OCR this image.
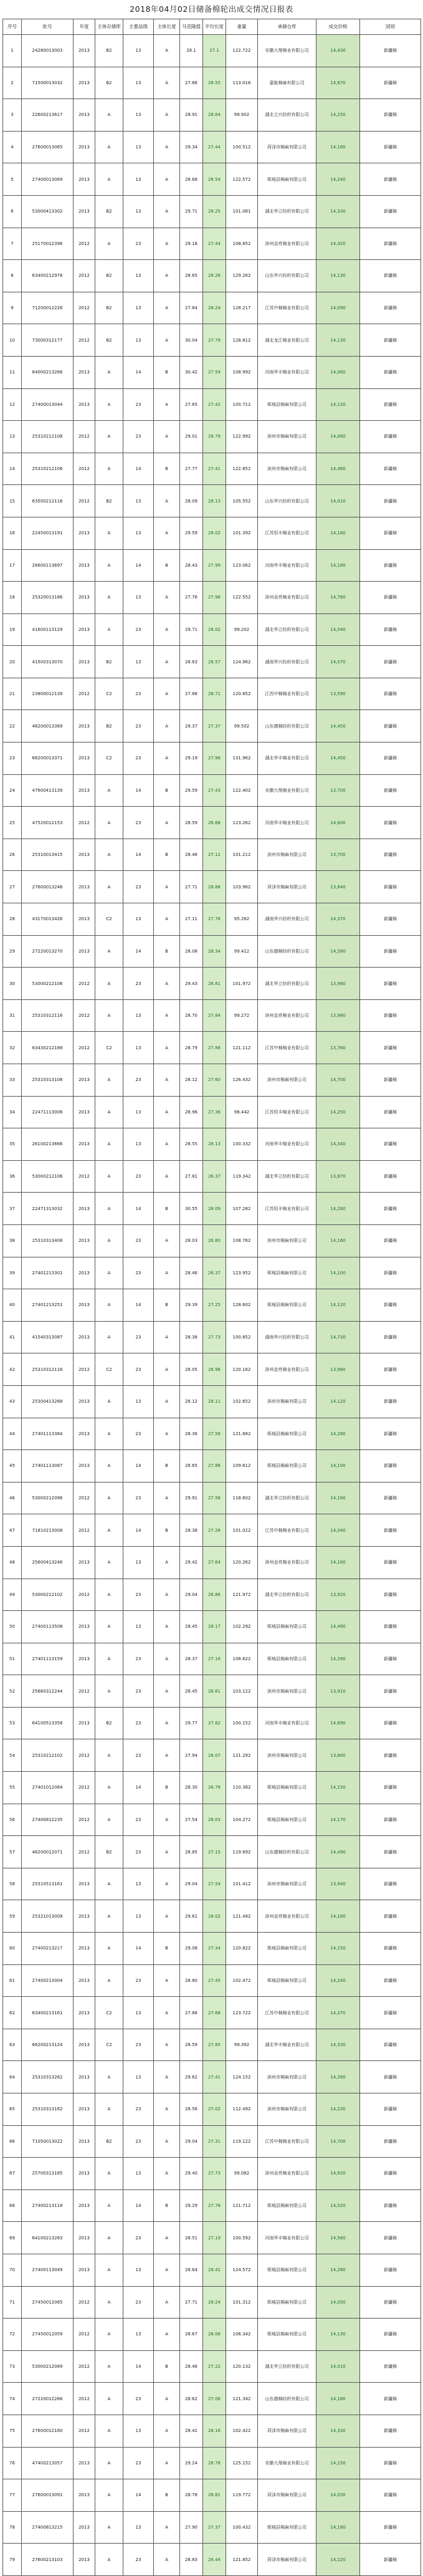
2018年04月02日储备棉轮出成交情况日报表
序号	批号	年度	主体存储库	主要品级	主体长度	马克隆值	平均长度	重量	承储仓库	成交价格	国别
1	24280013003	2013	B2	13	A	28.1	27.1	122.722	安徽九翔棉业有限公司	14,430	新疆棉
2	71500013032	2013	B2	13	A	27.88	28.55	113.016	嘉能棉麻有限公司	14,670	新疆棉
3	22600213617	2013	A	13	A	28.91	28.64	99.902	湖北立兴纺织有限公司	14,250	新疆棉
4	27600013065	2013	A	13	A	29.34	27.44	100.512	菏泽市棉麻有限公司	14,160	新疆棉
5	27400013069	2013	A	13	A	28.68	28.54	122.572	郓城县棉麻有限公司	14,240	新疆棉
6	53000413302	2013	B2	13	A	29.71	28.25	101.081	湖北华立纺织有限公司	14,330	新疆棉
7	25170012396	2012	A	23	A	29.18	27.44	108.852	滨州金亮棉业有限公司	14,420	新疆棉
8	63400212978	2012	B2	13	A	28.65	28.26	129.262	山东华兴纺织有限公司	14,130	新疆棉
9	71200012226	2012	B2	13	A	27.84	28.24	128.217	江苏中棉棉业有限公司	14,090	新疆棉
10	73000312177	2012	B2	13	A	30.04	27.79	128.812	湖北龙江棉业有限公司	14,130	新疆棉
11	64000213266	2013	A	14	B	30.42	27.54	108.992	河南华丰棉业有限公司	14,060	新疆棉
12	27400013044	2013	A	23	A	27.65	27.42	100.712	郓城县棉麻有限公司	14,120	新疆棉
13	25310212108	2012	A	23	A	29.01	26.79	122.992	滨州市棉麻有限公司	14,060	新疆棉
14	25310212106	2012	A	14	B	27.77	27.41	122.852	滨州市棉麻有限公司	14,460	新疆棉
15	63500212116	2012	B2	13	A	28.09	28.13	105.552	山东华兴纺织有限公司	14,010	新疆棉
16	22450013191	2013	A	13	A	29.59	28.02	101.392	江苏恒丰棉业有限公司	14,160	新疆棉
17	26600113697	2013	A	14	B	28.43	27.99	123.062	河南华丰棉业有限公司	14,180	新疆棉
18	25320013186	2013	A	13	A	27.76	27.98	122.552	滨州金亮棉业有限公司	14,760	新疆棉
19	41600113129	2013	A	23	A	29.71	28.02	99.202	湖北华立纺织有限公司	14,040	新疆棉
20	41500313070	2013	B2	13	A	28.63	28.57	124.962	湖南华兴纺织有限公司	14,070	新疆棉
21	23800012139	2012	C2	23	A	27.88	28.71	120.852	江西中棉棉业有限公司	13,590	新疆棉
22	46200013369	2013	B2	23	A	29.37	27.37	99.502	山东德棉纺织有限公司	14,450	新疆棉
23	66200013371	2013	C2	23	A	29.19	27.96	131.962	湖北华丰棉业有限公司	14,450	新疆棉
24	47600413139	2013	A	14	B	29.59	27.43	122.402	安徽九翔棉业有限公司	13,700	新疆棉
25	47520012153	2012	A	23	A	28.59	26.68	123.262	河南华丰棉业有限公司	14,600	新疆棉
26	25310013415	2013	A	14	B	28.46	27.12	101.212	滨州市棉麻有限公司	13,700	新疆棉
27	27600013246	2013	A	23	A	27.71	28.88	103.962	菏泽市棉麻有限公司	13,840	新疆棉
28	43170013426	2013	C2	13	A	27.11	27.76	95.262	湖南华兴纺织有限公司	14,370	新疆棉
29	27220013270	2013	A	14	B	28.08	28.34	99.412	山东德棉纺织有限公司	14,390	新疆棉
30	53000212106	2012	A	23	A	29.43	26.81	101.972	湖北华立纺织有限公司	13,960	新疆棉
31	25310312116	2012	A	13	A	28.70	27.84	99.272	滨州金亮棉业有限公司	13,980	新疆棉
32	63430212188	2012	C2	13	A	28.79	27.88	121.112	江苏中棉棉业有限公司	13,760	新疆棉
33	25310313108	2013	A	23	A	28.12	27.60	126.432	滨州市棉麻有限公司	14,700	新疆棉
34	22471113006	2013	A	13	A	28.96	27.36	98.442	江苏恒丰棉业有限公司	14,250	新疆棉
35	26100213666	2013	A	13	A	28.55	28.13	100.332	河南华丰棉业有限公司	14,340	新疆棉
36	53000212106	2012	A	23	A	27.81	26.37	119.342	湖北华立纺织有限公司	13,870	新疆棉
37	22471313032	2013	A	14	B	30.55	28.09	107.282	江苏恒丰棉业有限公司	14,260	新疆棉
38	25310313408	2013	A	23	A	28.03	26.80	108.762	滨州市棉麻有限公司	14,160	新疆棉
39	27401213301	2013	A	23	A	28.46	26.37	123.952	郓城县棉麻有限公司	14,100	新疆棉
40	27401213251	2013	A	14	B	29.39	27.25	128.602	郓城县棉麻有限公司	14,120	新疆棉
41	41540313087	2013	A	23	A	28.38	27.73	100.852	湖南华兴纺织有限公司	14,730	新疆棉
42	25310312116	2012	C2	23	A	28.05	26.96	120.162	滨州金亮棉业有限公司	13,980	新疆棉
43	25300413268	2013	A	13	A	28.12	28.11	102.652	滨州市棉麻有限公司	14,120	新疆棉
44	27401113384	2013	A	23	A	28.36	27.58	121.682	郓城县棉麻有限公司	14,280	新疆棉
45	27401113087	2013	A	14	B	28.65	27.86	109.612	郓城县棉麻有限公司	14,100	新疆棉
46	53000212096	2012	A	23	A	29.91	27.58	118.602	湖北华立纺织有限公司	14,160	新疆棉
47	71810213008	2012	A	14	B	28.38	27.28	101.022	江苏中棉棉业有限公司	14,040	新疆棉
48	25600413246	2013	A	13	A	29.42	27.64	120.262	滨州金亮棉业有限公司	14,160	新疆棉
49	53000212102	2012	A	23	A	29.04	26.86	121.972	湖北华立纺织有限公司	13,920	新疆棉
50	27400113508	2013	A	13	A	28.45	28.17	102.292	郓城县棉麻有限公司	14,490	新疆棉
51	27401113159	2013	A	23	A	28.37	27.16	108.622	郓城县棉麻有限公司	14,290	新疆棉
52	25660312244	2012	A	23	A	28.45	26.61	103.122	滨州市棉麻有限公司	13,910	新疆棉
53	64100513358	2013	B2	23	A	29.77	27.82	100.152	河南华丰棉业有限公司	14,690	新疆棉
54	25310212102	2012	A	23	A	27.94	28.07	121.292	滨州市棉麻有限公司	13,800	新疆棉
55	27401012064	2012	A	14	B	28.30	26.78	110.382	郓城县棉麻有限公司	14,150	新疆棉
56	27400812235	2012	A	23	A	27.54	28.03	104.272	郓城县棉麻有限公司	14,170	新疆棉
57	46200012071	2012	B2	23	A	28.85	27.15	119.692	山东德棉纺织有限公司	14,490	新疆棉
58	25310513161	2013	A	13	A	29.04	27.54	101.412	滨州市棉麻有限公司	13,940	新疆棉
59	25321013009	2013	A	13	A	29.61	28.02	121.492	滨州金亮棉业有限公司	14,160	新疆棉
60	27400213217	2013	A	14	B	29.08	27.34	120.822	郓城县棉麻有限公司	14,150	新疆棉
61	27400213004	2013	A	23	A	28.80	27.45	102.472	郓城县棉麻有限公司	14,240	新疆棉
62	63400213161	2013	C2	13	A	27.88	27.68	123.722	江苏中棉棉业有限公司	14,370	新疆棉
63	66200213124	2013	C2	23	A	28.59	27.85	99.392	湖北华丰棉业有限公司	14,330	新疆棉
64	25310313262	2013	A	13	A	29.62	27.41	124.152	滨州市棉麻有限公司	14,390	新疆棉
65	25310313162	2013	A	23	A	28.56	27.02	112.492	滨州市棉麻有限公司	14,230	新疆棉
66	71050013022	2013	B2	23	A	29.04	27.31	119.122	江苏中棉棉业有限公司	14,700	新疆棉
67	25700313185	2013	A	13	A	29.40	27.73	99.082	滨州金亮棉业有限公司	14,620	新疆棉
68	27400213118	2013	A	14	B	29.29	27.78	121.712	郓城县棉麻有限公司	14,020	新疆棉
69	64100213263	2013	A	23	A	28.51	27.19	100.592	河南华丰棉业有限公司	14,560	新疆棉
70	27400113049	2013	A	13	A	28.64	28.41	124.572	郓城县棉麻有限公司	14,280	新疆棉
71	27450012065	2012	A	23	A	27.71	28.24	101.312	郓城县棉麻有限公司	14,050	新疆棉
72	27450012059	2012	A	13	A	28.67	28.06	106.342	郓城县棉麻有限公司	14,130	新疆棉
73	53000212089	2012	A	14	B	28.46	27.22	120.132	湖北华立纺织有限公司	14,010	新疆棉
74	27220012266	2012	A	23	A	28.62	27.06	121.342	山东德棉纺织有限公司	14,160	新疆棉
75	27600012160	2012	A	13	A	28.41	28.16	102.422	菏泽市棉麻有限公司	14,330	新疆棉
76	47400213057	2013	A	23	A	29.24	26.76	125.152	安徽九翔棉业有限公司	14,150	新疆棉
77	27600013091	2013	A	14	B	28.78	26.81	119.772	菏泽市棉麻有限公司	14,030	新疆棉
78	27400813215	2013	A	13	A	27.90	27.37	100.432	郓城县棉麻有限公司	14,180	新疆棉
79	27600213103	2013	A	23	A	28.83	26.44	121.852	菏泽市棉麻有限公司	14,220	新疆棉
